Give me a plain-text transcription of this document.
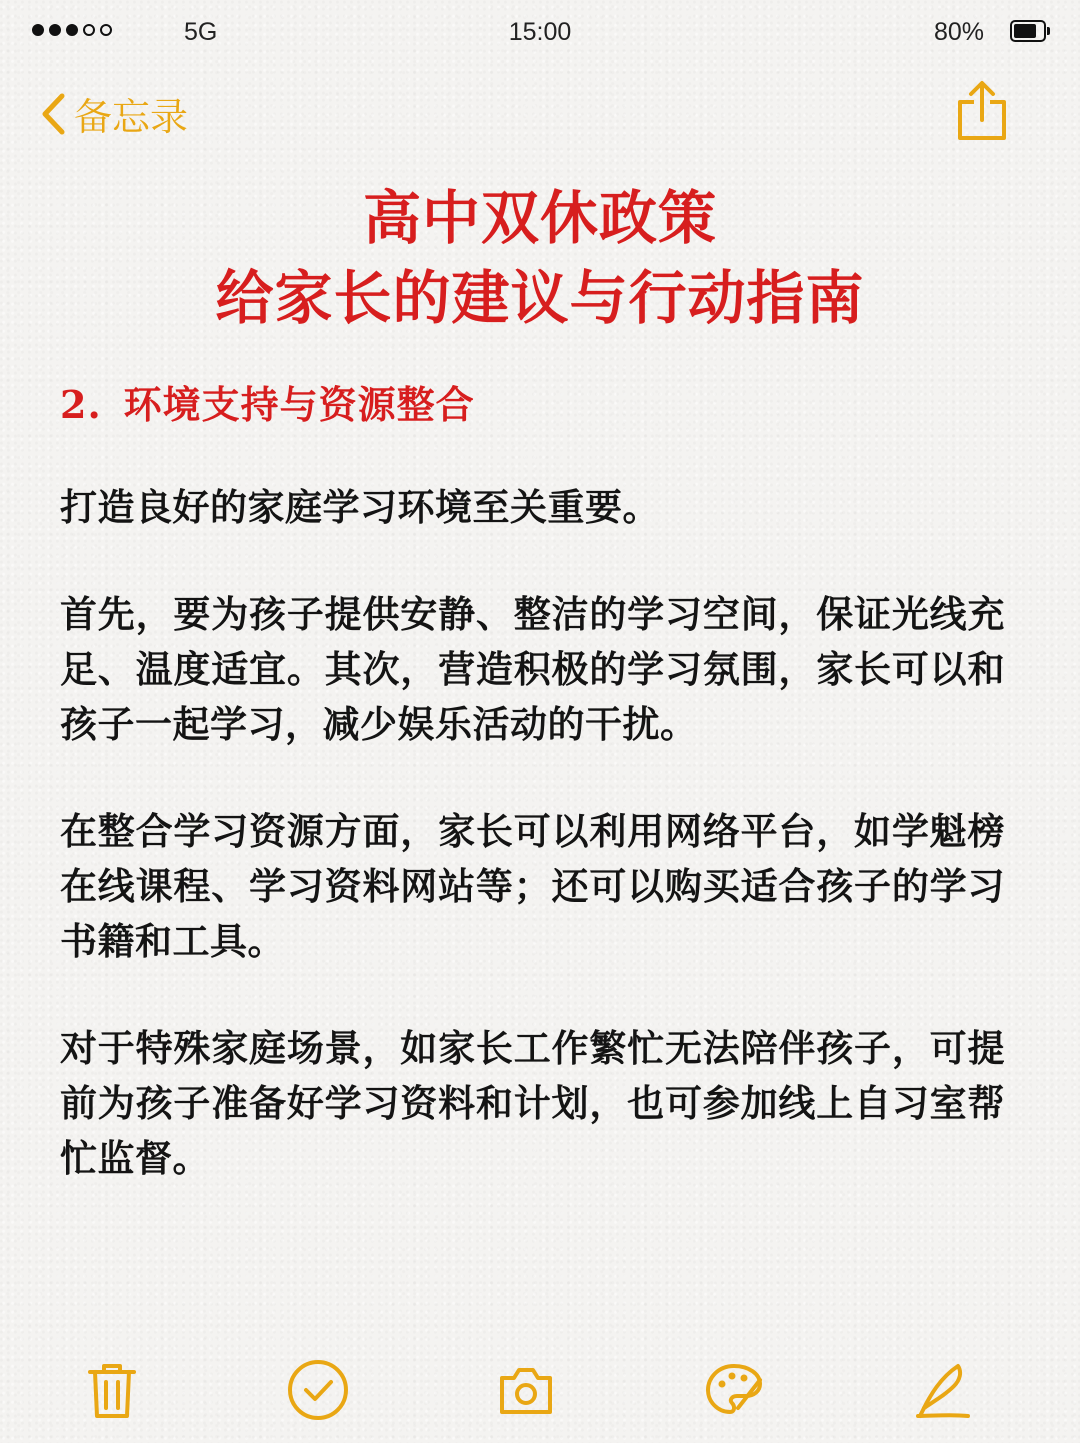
5G	15:00	80%
备忘录
高中双休政策
给家长的建议与行动指南
2. 环境支持与资源整合

打造良好的家庭学习环境至关重要。

首先，要为孩子提供安静、整洁的学习空间，保证光线充足、温度适宜。其次，营造积极的学习氛围，家长可以和孩子一起学习，减少娱乐活动的干扰。

在整合学习资源方面，家长可以利用网络平台，如学魁榜在线课程、学习资料网站等；还可以购买适合孩子的学习书籍和工具。

对于特殊家庭场景，如家长工作繁忙无法陪伴孩子，可提前为孩子准备好学习资料和计划，也可参加线上自习室帮忙监督。
